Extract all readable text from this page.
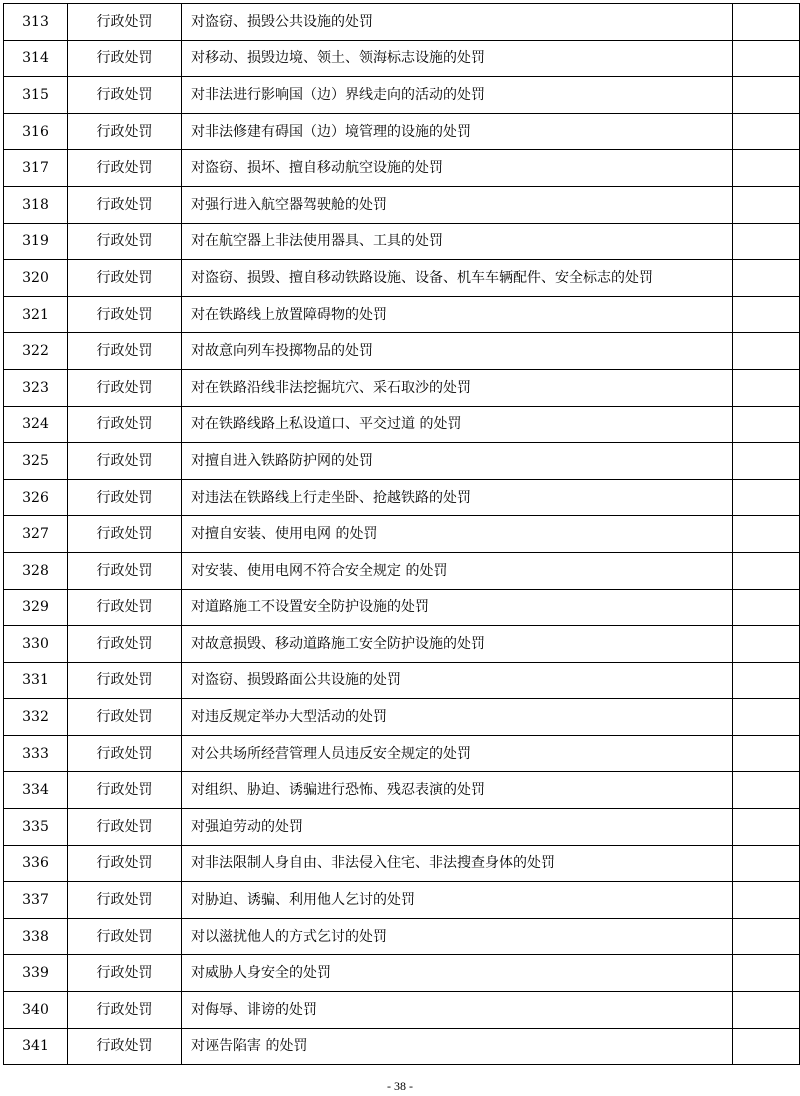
313	行政处罚	对盗窃、损毁公共设施的处罚	
314	行政处罚	对移动、损毁边境、领土、领海标志设施的处罚	
315	行政处罚	对非法进行影响国（边）界线走向的活动的处罚	
316	行政处罚	对非法修建有碍国（边）境管理的设施的处罚	
317	行政处罚	对盗窃、损坏、擅自移动航空设施的处罚	
318	行政处罚	对强行进入航空器驾驶舱的处罚	
319	行政处罚	对在航空器上非法使用器具、工具的处罚	
320	行政处罚	对盗窃、损毁、擅自移动铁路设施、设备、机车车辆配件、安全标志的处罚	
321	行政处罚	对在铁路线上放置障碍物的处罚	
322	行政处罚	对故意向列车投掷物品的处罚	
323	行政处罚	对在铁路沿线非法挖掘坑穴、采石取沙的处罚	
324	行政处罚	对在铁路线路上私设道口、平交过道 的处罚	
325	行政处罚	对擅自进入铁路防护网的处罚	
326	行政处罚	对违法在铁路线上行走坐卧、抢越铁路的处罚	
327	行政处罚	对擅自安装、使用电网 的处罚	
328	行政处罚	对安装、使用电网不符合安全规定 的处罚	
329	行政处罚	对道路施工不设置安全防护设施的处罚	
330	行政处罚	对故意损毁、移动道路施工安全防护设施的处罚	
331	行政处罚	对盗窃、损毁路面公共设施的处罚	
332	行政处罚	对违反规定举办大型活动的处罚	
333	行政处罚	对公共场所经营管理人员违反安全规定的处罚	
334	行政处罚	对组织、胁迫、诱骗进行恐怖、残忍表演的处罚	
335	行政处罚	对强迫劳动的处罚	
336	行政处罚	对非法限制人身自由、非法侵入住宅、非法搜查身体的处罚	
337	行政处罚	对胁迫、诱骗、利用他人乞讨的处罚	
338	行政处罚	对以滋扰他人的方式乞讨的处罚	
339	行政处罚	对威胁人身安全的处罚	
340	行政处罚	对侮辱、诽谤的处罚	
341	行政处罚	对诬告陷害 的处罚	
- 38 -
